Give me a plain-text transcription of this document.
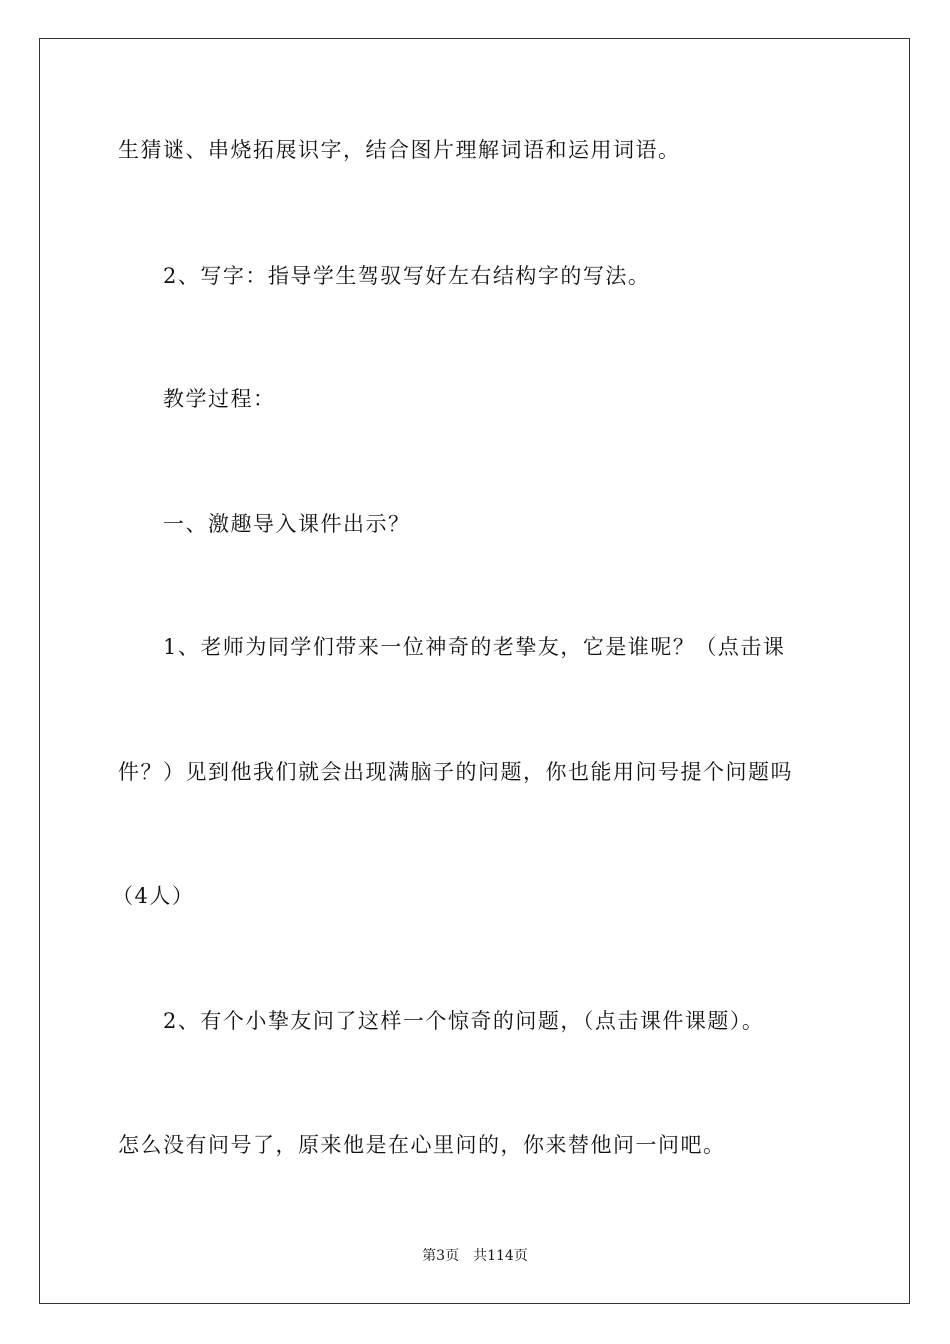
生猜谜、串烧拓展识字，结合图片理解词语和运用词语。

2、写字：指导学生驾驭写好左右结构字的写法。

教学过程：

一、激趣导入课件出示？

1、老师为同学们带来一位神奇的老挚友，它是谁呢？（点击课

件？）见到他我们就会出现满脑子的问题，你也能用问号提个问题吗

（4人）

2、有个小挚友问了这样一个惊奇的问题，（点击课件课题）。

怎么没有问号了，原来他是在心里问的，你来替他问一问吧。

第3页 共114页
